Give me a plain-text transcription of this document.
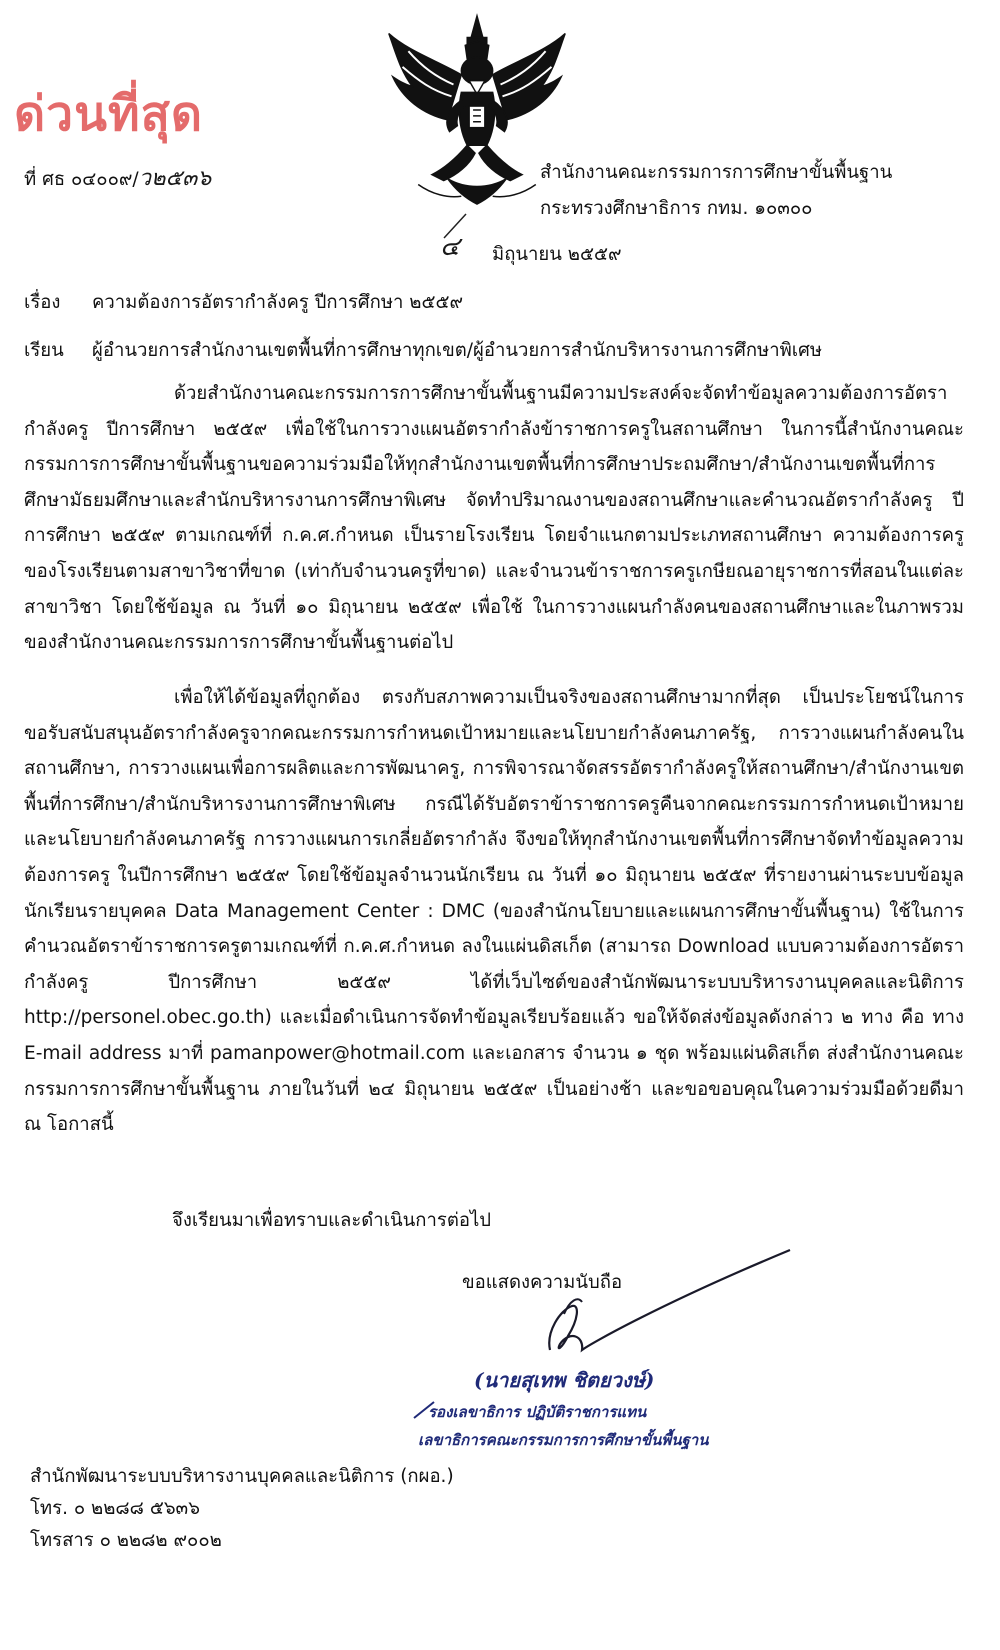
ด่วนที่สุด
ที่ ศธ ๐๔๐๐๙/ว๒๕๓๖	สำนักงานคณะกรรมการการศึกษาขั้นพื้นฐาน
กระทรวงศึกษาธิการ กทม. ๑๐๓๐๐
๔ มิถุนายน ๒๕๕๙
เรื่อง ความต้องการอัตรากำลังครู ปีการศึกษา ๒๕๕๙
เรียน ผู้อำนวยการสำนักงานเขตพื้นที่การศึกษาทุกเขต/ผู้อำนวยการสำนักบริหารงานการศึกษาพิเศษ
ด้วยสำนักงานคณะกรรมการการศึกษาขั้นพื้นฐานมีความประสงค์จะจัดทำข้อมูลความต้องการอัตรากำลังครู ปีการศึกษา ๒๕๕๙ เพื่อใช้ในการวางแผนอัตรากำลังข้าราชการครูในสถานศึกษา ในการนี้สำนักงานคณะกรรมการการศึกษาขั้นพื้นฐานขอความร่วมมือให้ทุกสำนักงานเขตพื้นที่การศึกษาประถมศึกษา/สำนักงานเขตพื้นที่การศึกษามัธยมศึกษาและสำนักบริหารงานการศึกษาพิเศษ จัดทำปริมาณงานของสถานศึกษาและคำนวณอัตรากำลังครู ปีการศึกษา ๒๕๕๙ ตามเกณฑ์ที่ ก.ค.ศ.กำหนด เป็นรายโรงเรียน โดยจำแนกตามประเภทสถานศึกษา ความต้องการครูของโรงเรียนตามสาขาวิชาที่ขาด (เท่ากับจำนวนครูที่ขาด) และจำนวนข้าราชการครูเกษียณอายุราชการที่สอนในแต่ละสาขาวิชา โดยใช้ข้อมูล ณ วันที่ ๑๐ มิถุนายน ๒๕๕๙ เพื่อใช้ ในการวางแผนกำลังคนของสถานศึกษาและในภาพรวมของสำนักงานคณะกรรมการการศึกษาขั้นพื้นฐานต่อไป
เพื่อให้ได้ข้อมูลที่ถูกต้อง ตรงกับสภาพความเป็นจริงของสถานศึกษามากที่สุด เป็นประโยชน์ในการขอรับสนับสนุนอัตรากำลังครูจากคณะกรรมการกำหนดเป้าหมายและนโยบายกำลังคนภาครัฐ, การวางแผนกำลังคนในสถานศึกษา, การวางแผนเพื่อการผลิตและการพัฒนาครู, การพิจารณาจัดสรรอัตรากำลังครูให้สถานศึกษา/สำนักงานเขตพื้นที่การศึกษา/สำนักบริหารงานการศึกษาพิเศษ กรณีได้รับอัตราข้าราชการครูคืนจากคณะกรรมการกำหนดเป้าหมายและนโยบายกำลังคนภาครัฐ การวางแผนการเกลี่ยอัตรากำลัง จึงขอให้ทุกสำนักงานเขตพื้นที่การศึกษาจัดทำข้อมูลความต้องการครู ในปีการศึกษา ๒๕๕๙ โดยใช้ข้อมูลจำนวนนักเรียน ณ วันที่ ๑๐ มิถุนายน ๒๕๕๙ ที่รายงานผ่านระบบข้อมูลนักเรียนรายบุคคล Data Management Center : DMC (ของสำนักนโยบายและแผนการศึกษาขั้นพื้นฐาน) ใช้ในการคำนวณอัตราข้าราชการครูตามเกณฑ์ที่ ก.ค.ศ.กำหนด ลงในแผ่นดิสเก็ต (สามารถ Download แบบความต้องการอัตรากำลังครู ปีการศึกษา ๒๕๕๙ ได้ที่เว็บไซต์ของสำนักพัฒนาระบบบริหารงานบุคคลและนิติการ http://personel.obec.go.th) และเมื่อดำเนินการจัดทำข้อมูลเรียบร้อยแล้ว ขอให้จัดส่งข้อมูลดังกล่าว ๒ ทาง คือ ทาง E-mail address มาที่ pamanpower@hotmail.com และเอกสาร จำนวน ๑ ชุด พร้อมแผ่นดิสเก็ต ส่งสำนักงานคณะกรรมการการศึกษาขั้นพื้นฐาน ภายในวันที่ ๒๔ มิถุนายน ๒๕๕๙ เป็นอย่างช้า และขอขอบคุณในความร่วมมือด้วยดีมา ณ โอกาสนี้
จึงเรียนมาเพื่อทราบและดำเนินการต่อไป
ขอแสดงความนับถือ
(นายสุเทพ ชิตยวงษ์)
รองเลขาธิการ ปฏิบัติราชการแทน
เลขาธิการคณะกรรมการการศึกษาขั้นพื้นฐาน
สำนักพัฒนาระบบบริหารงานบุคคลและนิติการ (กผอ.)
โทร. ๐ ๒๒๘๘ ๕๖๓๖
โทรสาร ๐ ๒๒๘๒ ๙๐๐๒
